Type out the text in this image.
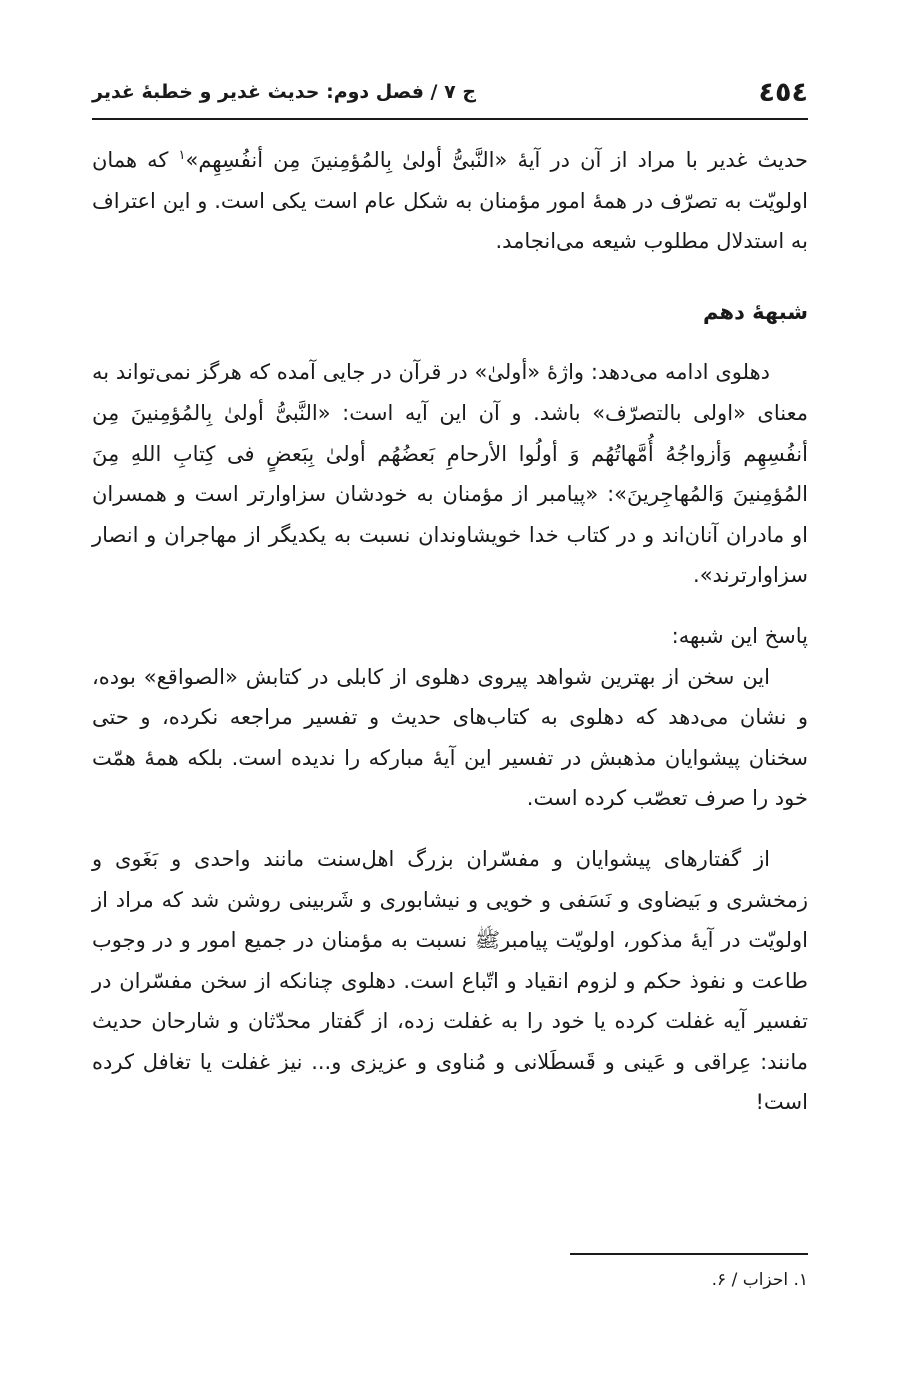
٤٥٤
ج ۷ / فصل دوم: حدیث غدیر و خطبهٔ غدیر

حدیث غدیر با مراد از آن در آیهٔ «النَّبیُّ أولیٰ بِالمُؤمِنینَ مِن أنفُسِهِم»$^۱$ که همان اولویّت به تصرّف در همهٔ امور مؤمنان به شکل عام است یکی است. و این اعتراف به استدلال مطلوب شیعه می‌انجامد.

شبههٔ دهم

دهلوی ادامه می‌دهد: واژهٔ «أولیٰ» در قرآن در جایی آمده که هرگز نمی‌تواند به معنای «اولی بالتصرّف» باشد. و آن این آیه است: «النَّبیُّ أولیٰ بِالمُؤمِنینَ مِن أنفُسِهِم وَأزواجُهُ أُمَّهاتُهُم وَ أولُوا الأرحامِ بَعضُهُم أولیٰ بِبَعضٍ فی کِتابِ اللهِ مِنَ المُؤمِنینَ وَالمُهاجِرینَ»: «پیامبر از مؤمنان به خودشان سزاوارتر است و همسران او مادران آنان‌اند و در کتاب خدا خویشاوندان نسبت به یکدیگر از مهاجران و انصار سزاوارترند».

پاسخ این شبهه:

این سخن از بهترین شواهد پیروی دهلوی از کابلی در کتابش «الصواقع» بوده، و نشان می‌دهد که دهلوی به کتاب‌های حدیث و تفسیر مراجعه نکرده، و حتی سخنان پیشوایان مذهبش در تفسیر این آیهٔ مبارکه را ندیده است. بلکه همهٔ همّت خود را صرف تعصّب کرده است.

از گفتارهای پیشوایان و مفسّران بزرگ اهل‌سنت مانند واحدی و بَغَوی و زمخشری و بَیضاوی و نَسَفی و خویی و نیشابوری و شَربینی روشن شد که مراد از اولویّت در آیهٔ مذکور، اولویّت پیامبرﷺ نسبت به مؤمنان در جمیع امور و در وجوب طاعت و نفوذ حکم و لزوم انقیاد و اتّباع است. دهلوی چنانکه از سخن مفسّران در تفسیر آیه غفلت کرده یا خود را به غفلت زده، از گفتار محدّثان و شارحان حدیث مانند: عِراقی و عَینی و قَسطَلانی و مُناوی و عزیزی و... نیز غفلت یا تغافل کرده است!

۱. احزاب / ۶.
